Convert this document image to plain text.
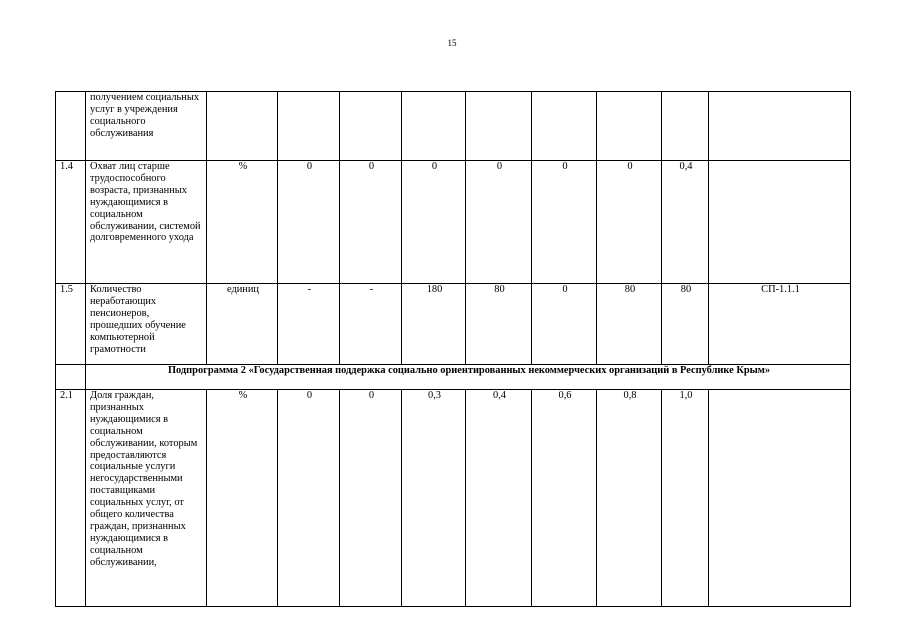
15
	получением социальных услуг в учреждения социального обслуживания									
1.4	Охват лиц старше трудоспособного возраста, признанных нуждающимися в социальном обслуживании, системой долговременного ухода	%	0	0	0	0	0	0	0,4	
1.5	Количество неработающих пенсионеров, прошедших обучение компьютерной грамотности	единиц	-	-	180	80	0	80	80	СП-1.1.1
	Подпрограмма 2 «Государственная поддержка социально ориентированных некоммерческих организаций в Республике Крым»									
2.1	Доля граждан, признанных нуждающимися в социальном обслуживании, которым предоставляются социальные услуги негосударственными поставщиками социальных услуг, от общего количества граждан, признанных нуждающимися в социальном обслуживании,	%	0	0	0,3	0,4	0,6	0,8	1,0	
